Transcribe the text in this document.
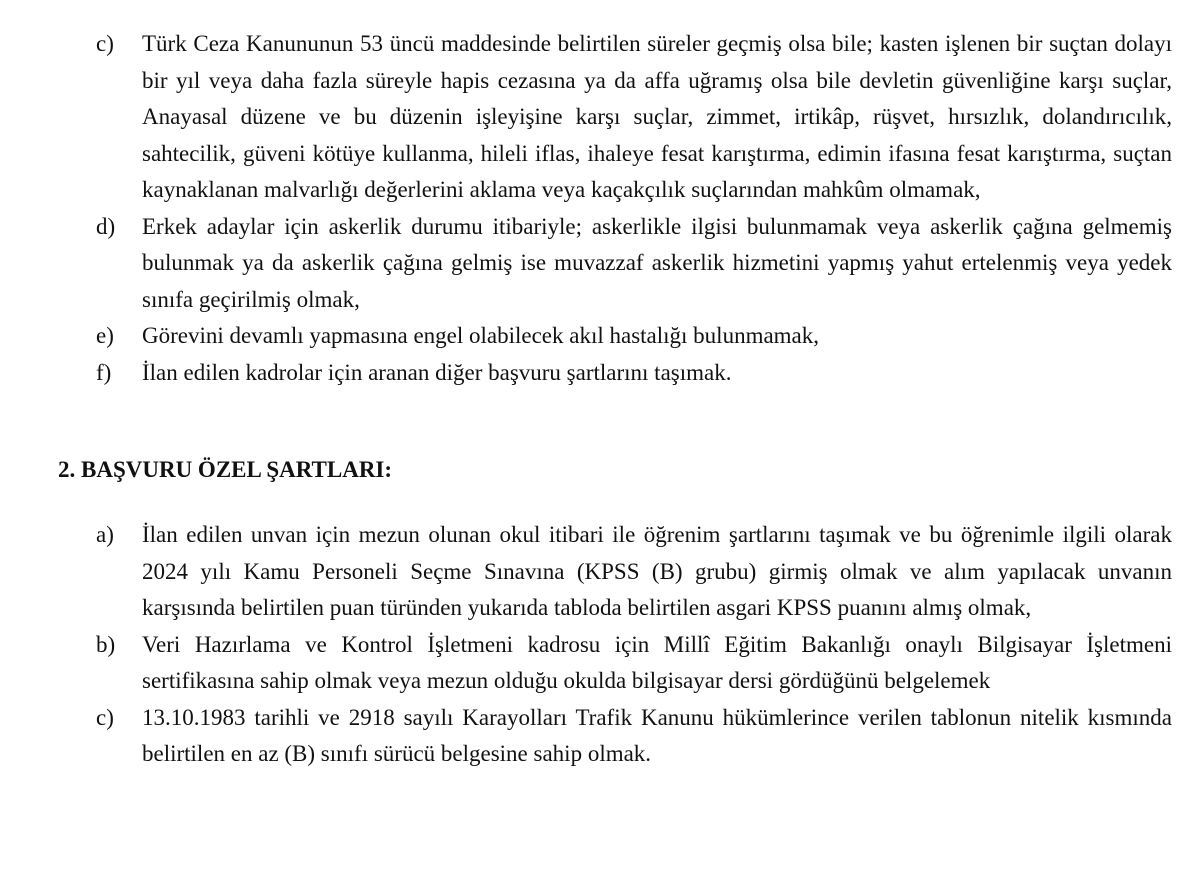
c)	Türk Ceza Kanununun 53 üncü maddesinde belirtilen süreler geçmiş olsa bile; kasten işlenen bir suçtan dolayı bir yıl veya daha fazla süreyle hapis cezasına ya da affa uğramış olsa bile devletin güvenliğine karşı suçlar, Anayasal düzene ve bu düzenin işleyişine karşı suçlar, zimmet, irtikâp, rüşvet, hırsızlık, dolandırıcılık, sahtecilik, güveni kötüye kullanma, hileli iflas, ihaleye fesat karıştırma, edimin ifasına fesat karıştırma, suçtan kaynaklanan malvarlığı değerlerini aklama veya kaçakçılık suçlarından mahkûm olmamak,
d)	Erkek adaylar için askerlik durumu itibariyle; askerlikle ilgisi bulunmamak veya askerlik çağına gelmemiş bulunmak ya da askerlik çağına gelmiş ise muvazzaf askerlik hizmetini yapmış yahut ertelenmiş veya yedek sınıfa geçirilmiş olmak,
e)	Görevini devamlı yapmasına engel olabilecek akıl hastalığı bulunmamak,
f)	İlan edilen kadrolar için aranan diğer başvuru şartlarını taşımak.
2. BAŞVURU ÖZEL ŞARTLARI:
a)	İlan edilen unvan için mezun olunan okul itibari ile öğrenim şartlarını taşımak ve bu öğrenimle ilgili olarak 2024 yılı Kamu Personeli Seçme Sınavına (KPSS (B) grubu) girmiş olmak ve alım yapılacak unvanın karşısında belirtilen puan türünden yukarıda tabloda belirtilen asgari KPSS puanını almış olmak,
b)	Veri Hazırlama ve Kontrol İşletmeni kadrosu için Millî Eğitim Bakanlığı onaylı Bilgisayar İşletmeni sertifikasına sahip olmak veya mezun olduğu okulda bilgisayar dersi gördüğünü belgelemek
c)	13.10.1983 tarihli ve 2918 sayılı Karayolları Trafik Kanunu hükümlerince verilen tablonun nitelik kısmında belirtilen en az (B) sınıfı sürücü belgesine sahip olmak.
